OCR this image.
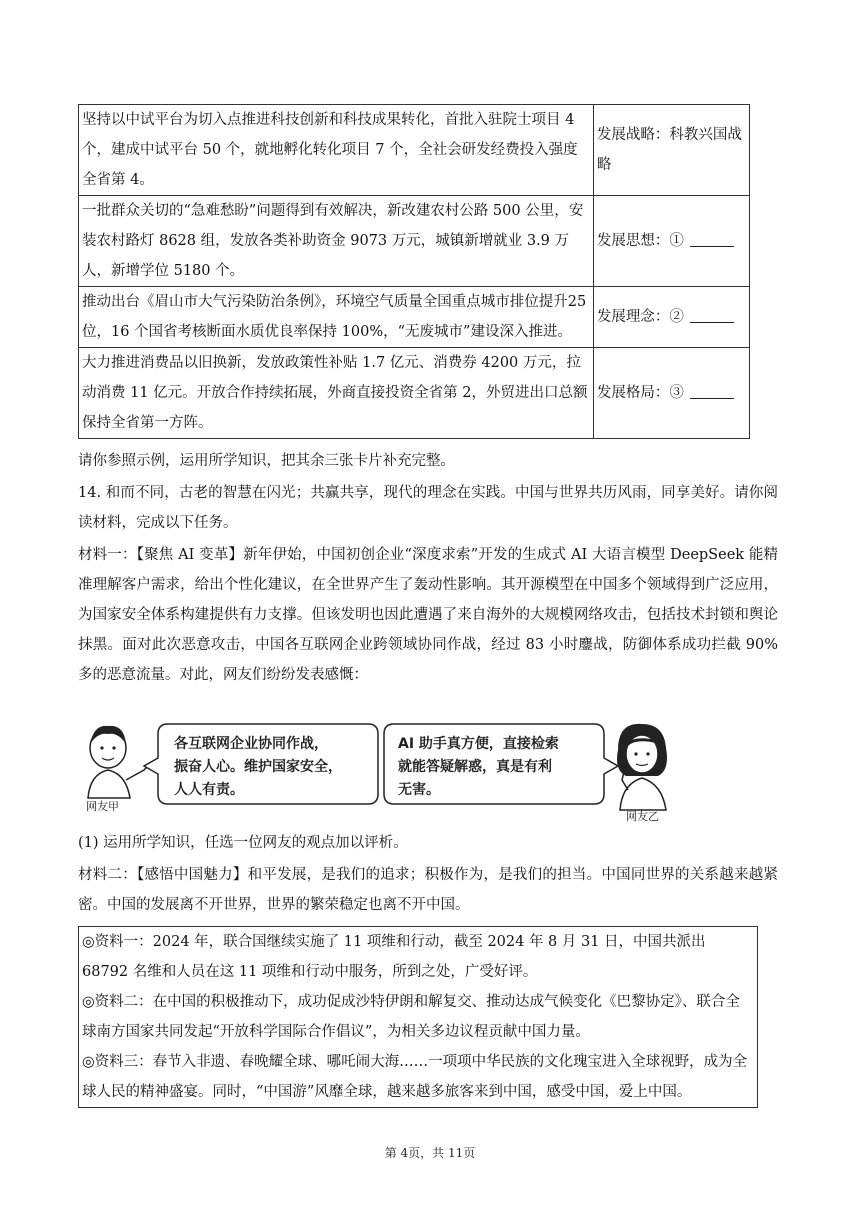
坚持以中试平台为切入点推进科技创新和科技成果转化，首批入驻院士项目 4 个，建成中试平台 50 个，就地孵化转化项目 7 个，全社会研发经费投入强度全省第 4。	发展战略：科教兴国战略
一批群众关切的“急难愁盼”问题得到有效解决，新改建农村公路 500 公里，安装农村路灯 8628 组，发放各类补助资金 9073 万元，城镇新增就业 3.9 万人，新增学位 5180 个。	发展思想：①
推动出台《眉山市大气污染防治条例》，环境空气质量全国重点城市排位提升25 位，16 个国省考核断面水质优良率保持 100%，“无废城市”建设深入推进。	发展理念：②
大力推进消费品以旧换新，发放政策性补贴 1.7 亿元、消费券 4200 万元，拉动消费 11 亿元。开放合作持续拓展，外商直接投资全省第 2，外贸进出口总额保持全省第一方阵。	发展格局：③
请你参照示例，运用所学知识，把其余三张卡片补充完整。
14. 和而不同，古老的智慧在闪光；共赢共享，现代的理念在实践。中国与世界共历风雨，同享美好。请你阅读材料，完成以下任务。
材料一：【聚焦 AI 变革】新年伊始，中国初创企业“深度求索”开发的生成式 AI 大语言模型 DeepSeek 能精准理解客户需求，给出个性化建议，在全世界产生了轰动性影响。其开源模型在中国多个领域得到广泛应用，为国家安全体系构建提供有力支撑。但该发明也因此遭遇了来自海外的大规模网络攻击，包括技术封锁和舆论抹黑。面对此次恶意攻击，中国各互联网企业跨领域协同作战，经过 83 小时鏖战，防御体系成功拦截 90%多的恶意流量。对此，网友们纷纷发表感慨：
网友甲
各互联网企业协同作战，
振奋人心。维护国家安全，
人人有责。
AI 助手真方便，直接检索
就能答疑解惑，真是有利
无害。
网友乙
(1) 运用所学知识，任选一位网友的观点加以评析。
材料二：【感悟中国魅力】和平发展，是我们的追求；积极作为，是我们的担当。中国同世界的关系越来越紧密。中国的发展离不开世界，世界的繁荣稳定也离不开中国。

◎资料一：2024 年，联合国继续实施了 11 项维和行动，截至 2024 年 8 月 31 日，中国共派出 68792 名维和人员在这 11 项维和行动中服务，所到之处，广受好评。

◎资料二：在中国的积极推动下，成功促成沙特伊朗和解复交、推动达成气候变化《巴黎协定》、联合全球南方国家共同发起“开放科学国际合作倡议”，为相关多边议程贡献中国力量。

◎资料三：春节入非遗、春晚耀全球、哪吒闹大海……一项项中华民族的文化瑰宝进入全球视野，成为全球人民的精神盛宴。同时，“中国游”风靡全球，越来越多旅客来到中国，感受中国，爱上中国。

第 4页，共 11页
